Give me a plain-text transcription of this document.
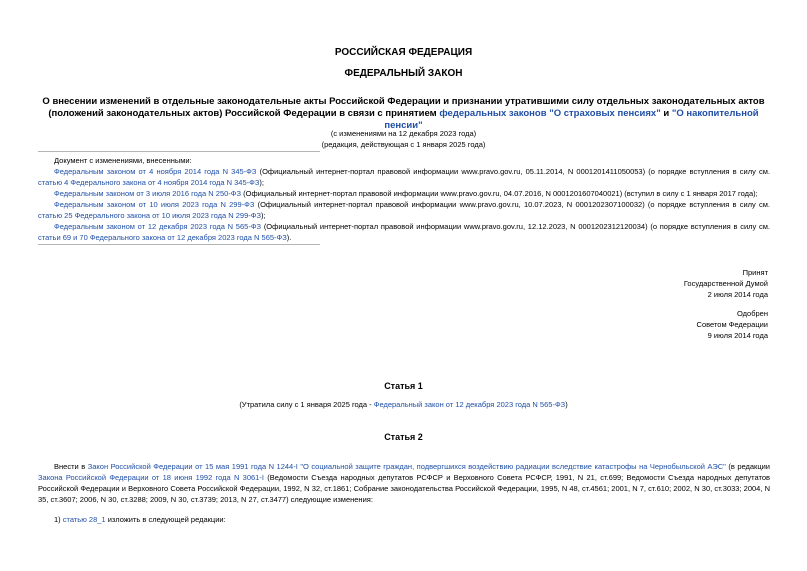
РОССИЙСКАЯ ФЕДЕРАЦИЯ
ФЕДЕРАЛЬНЫЙ ЗАКОН
О внесении изменений в отдельные законодательные акты Российской Федерации и признании утратившими силу отдельных законодательных актов (положений законодательных актов) Российской Федерации в связи с принятием федеральных законов "О страховых пенсиях" и "О накопительной пенсии"
(с изменениями на 12 декабря 2023 года)
(редакция, действующая с 1 января 2025 года)

Документ с изменениями, внесенными:

Федеральным законом от 4 ноября 2014 года N 345-ФЗ (Официальный интернет-портал правовой информации www.pravo.gov.ru, 05.11.2014, N 0001201411050053) (о порядке вступления в силу см. статью 4 Федерального закона от 4 ноября 2014 года N 345-ФЗ);

Федеральным законом от 3 июля 2016 года N 250-ФЗ (Официальный интернет-портал правовой информации www.pravo.gov.ru, 04.07.2016, N 0001201607040021) (вступил в силу с 1 января 2017 года);

Федеральным законом от 10 июля 2023 года N 299-ФЗ (Официальный интернет-портал правовой информации www.pravo.gov.ru, 10.07.2023, N 0001202307100032) (о порядке вступления в силу см. статью 25 Федерального закона от 10 июля 2023 года N 299-ФЗ);

Федеральным законом от 12 декабря 2023 года N 565-ФЗ (Официальный интернет-портал правовой информации www.pravo.gov.ru, 12.12.2023, N 0001202312120034) (о порядке вступления в силу см. статьи 69 и 70 Федерального закона от 12 декабря 2023 года N 565-ФЗ).

Принят
Государственной Думой
2 июля 2014 года
Одобрен
Советом Федерации
9 июля 2014 года
Статья 1
(Утратила силу с 1 января 2025 года - Федеральный закон от 12 декабря 2023 года N 565-ФЗ)
Статья 2

Внести в Закон Российской Федерации от 15 мая 1991 года N 1244-I "О социальной защите граждан, подвергшихся воздействию радиации вследствие катастрофы на Чернобыльской АЭС" (в редакции Закона Российской Федерации от 18 июня 1992 года N 3061-I (Ведомости Съезда народных депутатов РСФСР и Верховного Совета РСФСР, 1991, N 21, ст.699; Ведомости Съезда народных депутатов Российской Федерации и Верховного Совета Российской Федерации, 1992, N 32, ст.1861; Собрание законодательства Российской Федерации, 1995, N 48, ст.4561; 2001, N 7, ст.610; 2002, N 30, ст.3033; 2004, N 35, ст.3607; 2006, N 30, ст.3288; 2009, N 30, ст.3739; 2013, N 27, ст.3477) следующие изменения:

1) статью 28_1 изложить в следующей редакции:
